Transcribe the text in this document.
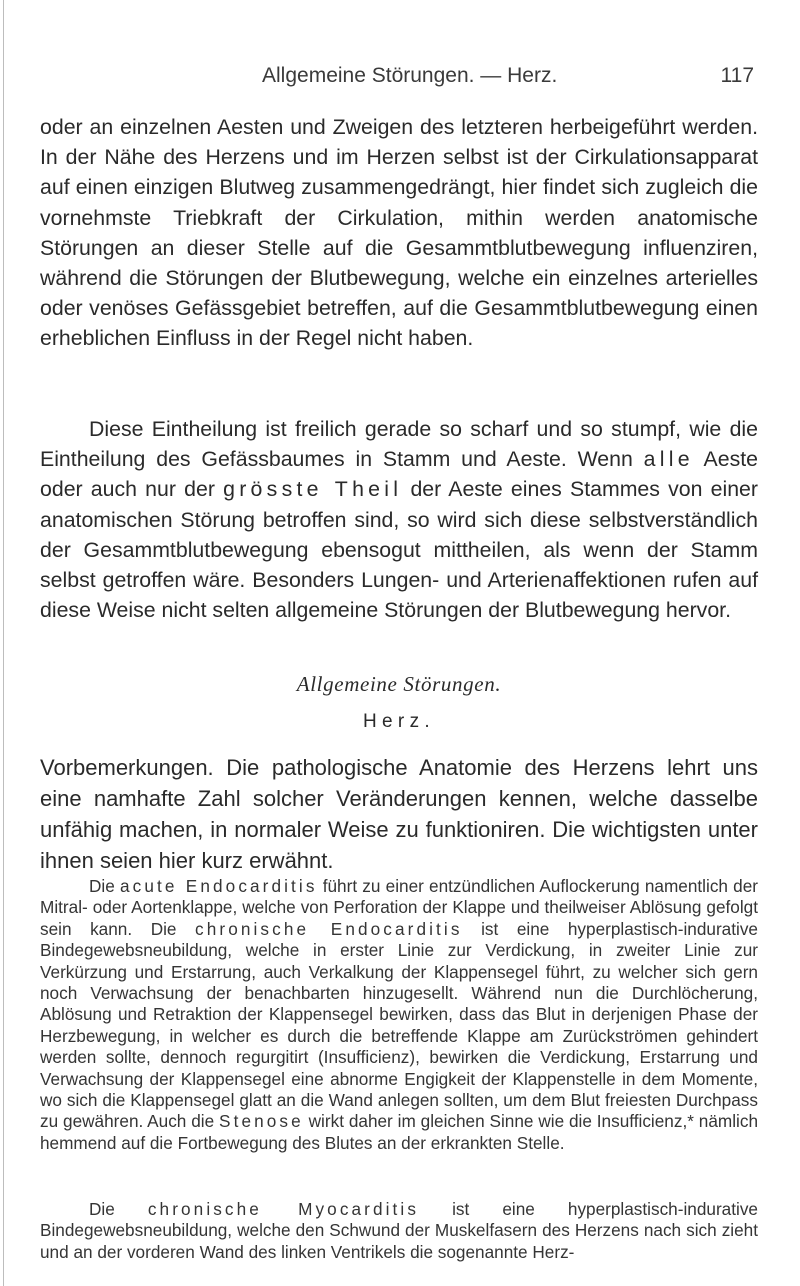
Allgemeine Störungen. — Herz.	117

oder an einzelnen Aesten und Zweigen des letzteren herbeigeführt werden. In der Nähe des Herzens und im Herzen selbst ist der Cirkulationsapparat auf einen einzigen Blutweg zusammengedrängt, hier findet sich zugleich die vornehmste Triebkraft der Cirkulation, mithin werden anatomische Störungen an dieser Stelle auf die Gesammtblutbewegung influenziren, während die Störungen der Blutbewegung, welche ein einzelnes arterielles oder venöses Gefässgebiet betreffen, auf die Gesammtblutbewegung einen erheblichen Einfluss in der Regel nicht haben.

Diese Eintheilung ist freilich gerade so scharf und so stumpf, wie die Eintheilung des Gefässbaumes in Stamm und Aeste. Wenn alle Aeste oder auch nur der grösste Theil der Aeste eines Stammes von einer anatomischen Störung betroffen sind, so wird sich diese selbstverständlich der Gesammtblutbewegung ebensogut mittheilen, als wenn der Stamm selbst getroffen wäre. Besonders Lungen- und Arterienaffektionen rufen auf diese Weise nicht selten allgemeine Störungen der Blutbewegung hervor.

Allgemeine Störungen.

Herz.

Vorbemerkungen. Die pathologische Anatomie des Herzens lehrt uns eine namhafte Zahl solcher Veränderungen kennen, welche dasselbe unfähig machen, in normaler Weise zu funktioniren. Die wichtigsten unter ihnen seien hier kurz erwähnt.

Die acute Endocarditis führt zu einer entzündlichen Auflockerung namentlich der Mitral- oder Aortenklappe, welche von Perforation der Klappe und theilweiser Ablösung gefolgt sein kann. Die chronische Endocarditis ist eine hyperplastisch-indurative Bindegewebsneubildung, welche in erster Linie zur Verdickung, in zweiter Linie zur Verkürzung und Erstarrung, auch Verkalkung der Klappensegel führt, zu welcher sich gern noch Verwachsung der benachbarten hinzugesellt. Während nun die Durchlöcherung, Ablösung und Retraktion der Klappensegel bewirken, dass das Blut in derjenigen Phase der Herzbewegung, in welcher es durch die betreffende Klappe am Zurückströmen gehindert werden sollte, dennoch regurgitirt (Insufficienz), bewirken die Verdickung, Erstarrung und Verwachsung der Klappensegel eine abnorme Engigkeit der Klappenstelle in dem Momente, wo sich die Klappensegel glatt an die Wand anlegen sollten, um dem Blut freiesten Durchpass zu gewähren. Auch die Stenose wirkt daher im gleichen Sinne wie die Insufficienz,* nämlich hemmend auf die Fortbewegung des Blutes an der erkrankten Stelle.

Die chronische Myocarditis ist eine hyperplastisch-indurative Bindegewebsneubildung, welche den Schwund der Muskelfasern des Herzens nach sich zieht und an der vorderen Wand des linken Ventrikels die sogenannte Herz-
